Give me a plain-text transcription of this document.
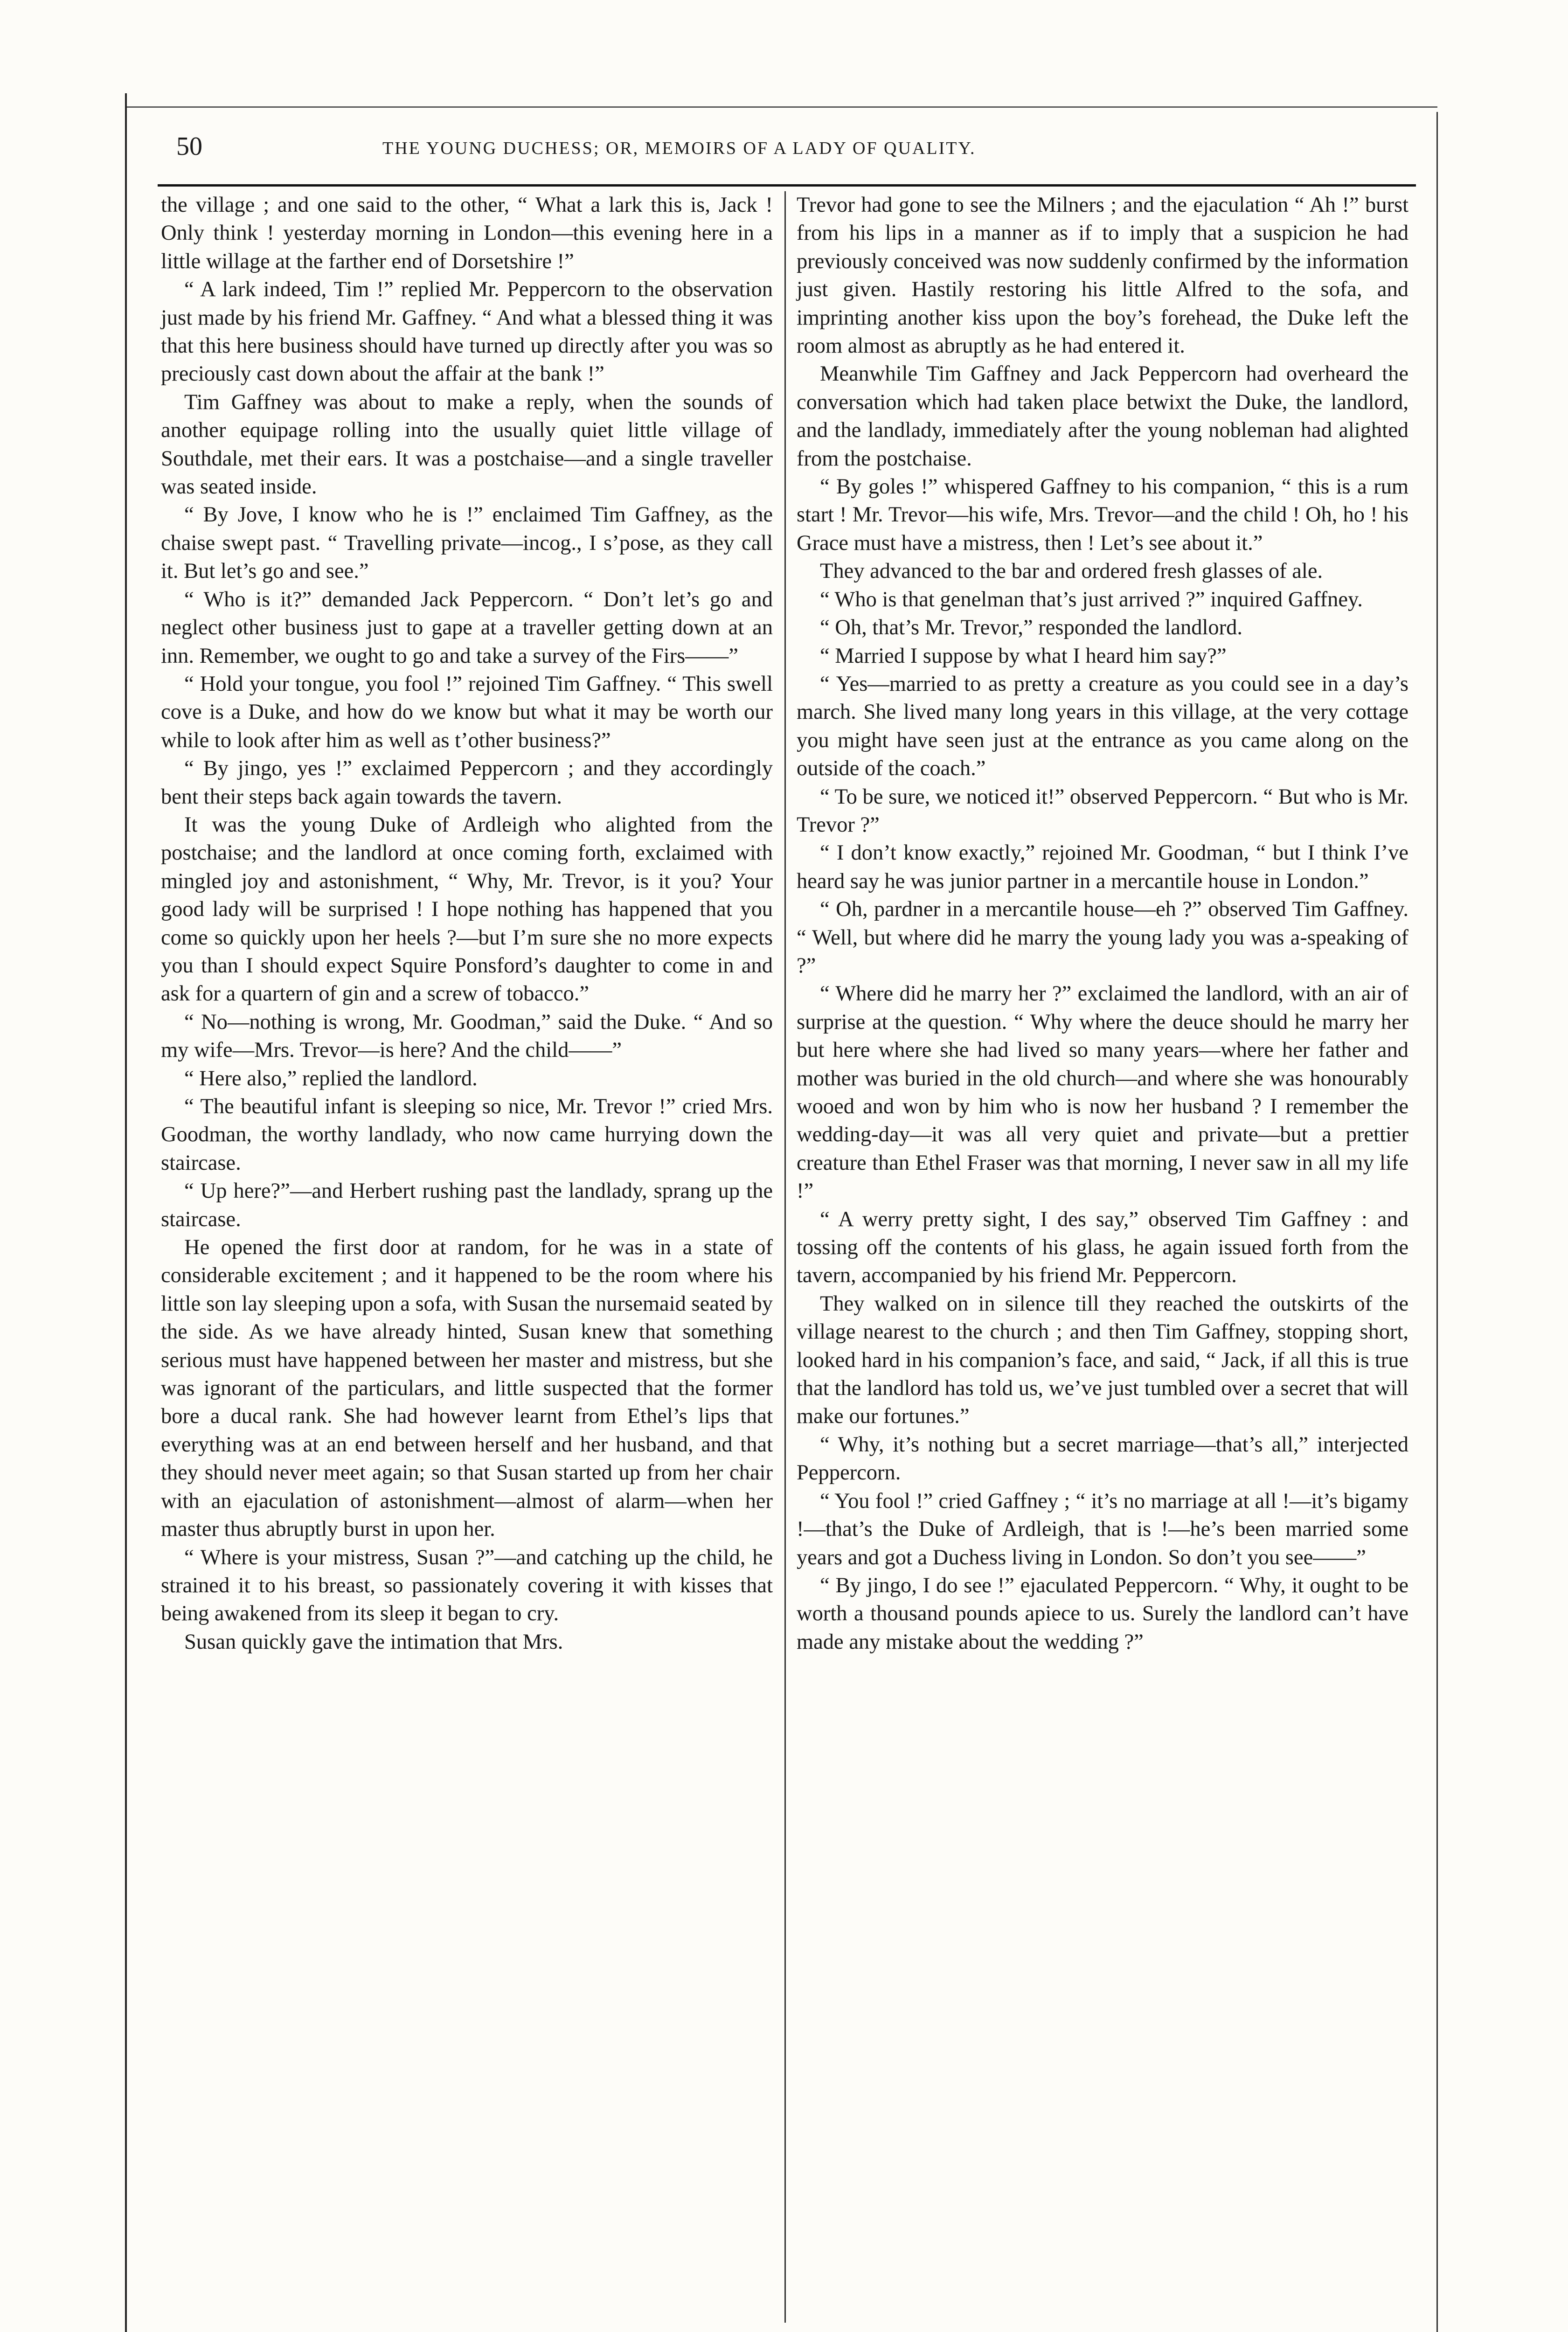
50	THE YOUNG DUCHESS; OR, MEMOIRS OF A LADY OF QUALITY.

the village ; and one said to the other, “ What a lark this is, Jack ! Only think ! yesterday morning in London—this evening here in a little willage at the farther end of Dorsetshire !”

“ A lark indeed, Tim !” replied Mr. Peppercorn to the observation just made by his friend Mr. Gaffney. “ And what a blessed thing it was that this here business should have turned up directly after you was so preciously cast down about the affair at the bank !”

Tim Gaffney was about to make a reply, when the sounds of another equipage rolling into the usually quiet little village of Southdale, met their ears. It was a postchaise—and a single traveller was seated inside.

“ By Jove, I know who he is !” enclaimed Tim Gaffney, as the chaise swept past. “ Travelling private—incog., I s’pose, as they call it. But let’s go and see.”

“ Who is it?” demanded Jack Peppercorn. “ Don’t let’s go and neglect other business just to gape at a traveller getting down at an inn. Remember, we ought to go and take a survey of the Firs——”

“ Hold your tongue, you fool !” rejoined Tim Gaffney. “ This swell cove is a Duke, and how do we know but what it may be worth our while to look after him as well as t’other business?”

“ By jingo, yes !” exclaimed Peppercorn ; and they accordingly bent their steps back again towards the tavern.

It was the young Duke of Ardleigh who alighted from the postchaise; and the landlord at once coming forth, exclaimed with mingled joy and astonishment, “ Why, Mr. Trevor, is it you? Your good lady will be surprised ! I hope nothing has happened that you come so quickly upon her heels ?—but I’m sure she no more expects you than I should expect Squire Ponsford’s daughter to come in and ask for a quartern of gin and a screw of tobacco.”

“ No—nothing is wrong, Mr. Goodman,” said the Duke. “ And so my wife—Mrs. Trevor—is here? And the child——”

“ Here also,” replied the landlord.

“ The beautiful infant is sleeping so nice, Mr. Trevor !” cried Mrs. Goodman, the worthy landlady, who now came hurrying down the staircase.

“ Up here?”—and Herbert rushing past the landlady, sprang up the staircase.

He opened the first door at random, for he was in a state of considerable excitement ; and it happened to be the room where his little son lay sleeping upon a sofa, with Susan the nursemaid seated by the side. As we have already hinted, Susan knew that something serious must have happened between her master and mistress, but she was ignorant of the particulars, and little suspected that the former bore a ducal rank. She had however learnt from Ethel’s lips that everything was at an end between herself and her husband, and that they should never meet again; so that Susan started up from her chair with an ejaculation of astonishment—almost of alarm—when her master thus abruptly burst in upon her.

“ Where is your mistress, Susan ?”—and catching up the child, he strained it to his breast, so passionately covering it with kisses that being awakened from its sleep it began to cry.

Susan quickly gave the intimation that Mrs.

Trevor had gone to see the Milners ; and the ejaculation “ Ah !” burst from his lips in a manner as if to imply that a suspicion he had previously conceived was now suddenly confirmed by the information just given. Hastily restoring his little Alfred to the sofa, and imprinting another kiss upon the boy’s forehead, the Duke left the room almost as abruptly as he had entered it.

Meanwhile Tim Gaffney and Jack Peppercorn had overheard the conversation which had taken place betwixt the Duke, the landlord, and the landlady, immediately after the young nobleman had alighted from the postchaise.

“ By goles !” whispered Gaffney to his companion, “ this is a rum start ! Mr. Trevor—his wife, Mrs. Trevor—and the child ! Oh, ho ! his Grace must have a mistress, then ! Let’s see about it.”

They advanced to the bar and ordered fresh glasses of ale.

“ Who is that genelman that’s just arrived ?” inquired Gaffney.

“ Oh, that’s Mr. Trevor,” responded the landlord.

“ Married I suppose by what I heard him say?”

“ Yes—married to as pretty a creature as you could see in a day’s march. She lived many long years in this village, at the very cottage you might have seen just at the entrance as you came along on the outside of the coach.”

“ To be sure, we noticed it!” observed Peppercorn. “ But who is Mr. Trevor ?”

“ I don’t know exactly,” rejoined Mr. Goodman, “ but I think I’ve heard say he was junior partner in a mercantile house in London.”

“ Oh, pardner in a mercantile house—eh ?” observed Tim Gaffney. “ Well, but where did he marry the young lady you was a-speaking of ?”

“ Where did he marry her ?” exclaimed the landlord, with an air of surprise at the question. “ Why where the deuce should he marry her but here where she had lived so many years—where her father and mother was buried in the old church—and where she was honourably wooed and won by him who is now her husband ? I remember the wedding-day—it was all very quiet and private—but a prettier creature than Ethel Fraser was that morning, I never saw in all my life !”

“ A werry pretty sight, I des say,” observed Tim Gaffney : and tossing off the contents of his glass, he again issued forth from the tavern, accompanied by his friend Mr. Peppercorn.

They walked on in silence till they reached the outskirts of the village nearest to the church ; and then Tim Gaffney, stopping short, looked hard in his companion’s face, and said, “ Jack, if all this is true that the landlord has told us, we’ve just tumbled over a secret that will make our fortunes.”

“ Why, it’s nothing but a secret marriage—that’s all,” interjected Peppercorn.

“ You fool !” cried Gaffney ; “ it’s no marriage at all !—it’s bigamy !—that’s the Duke of Ardleigh, that is !—he’s been married some years and got a Duchess living in London. So don’t you see——”

“ By jingo, I do see !” ejaculated Peppercorn. “ Why, it ought to be worth a thousand pounds apiece to us. Surely the landlord can’t have made any mistake about the wedding ?”
